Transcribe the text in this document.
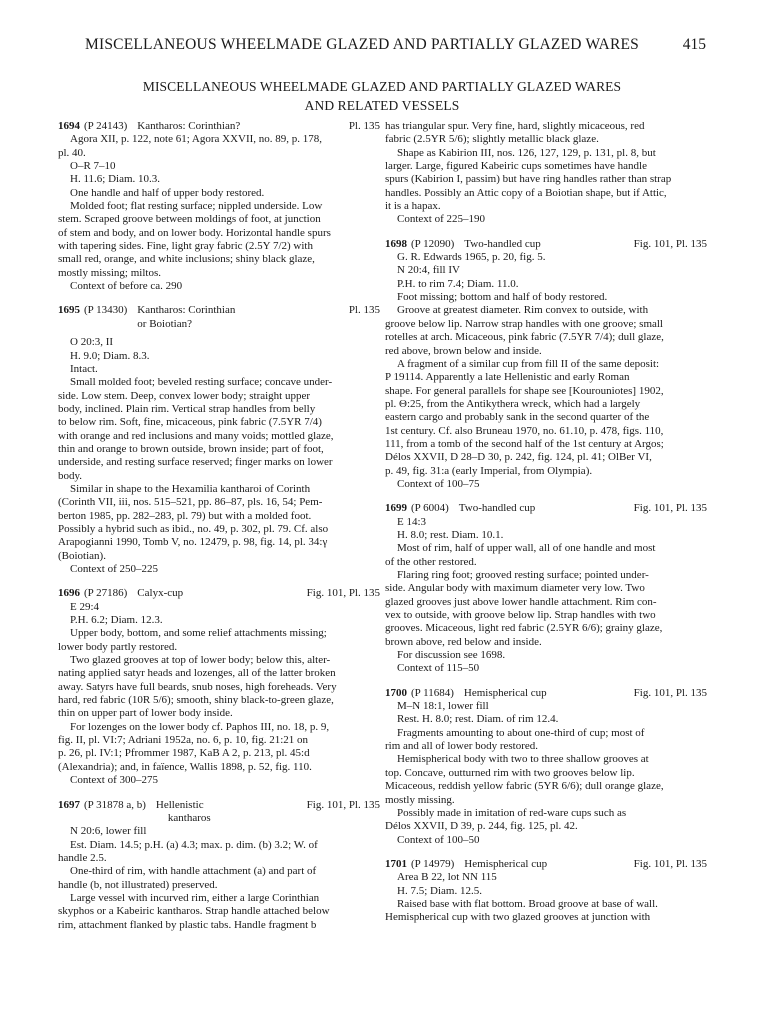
MISCELLANEOUS WHEELMADE GLAZED AND PARTIALLY GLAZED WARES	415
MISCELLANEOUS WHEELMADE GLAZED AND PARTIALLY GLAZED WARES
AND RELATED VESSELS
1694 (P 24143) Kantharos: Corinthian?	Pl. 135

Agora XII, p. 122, note 61; Agora XXVII, no. 89, p. 178,

pl. 40.

O–R 7–10

H. 11.6; Diam. 10.3.

One handle and half of upper body restored.

Molded foot; flat resting surface; nippled underside. Low

stem. Scraped groove between moldings of foot, at junction

of stem and body, and on lower body. Horizontal handle spurs

with tapering sides. Fine, light gray fabric (2.5Y 7/2) with

small red, orange, and white inclusions; shiny black glaze,

mostly missing; miltos.

Context of before ca. 290

1695 (P 13430) Kantharos: Corinthian
or Boiotian?
Pl. 135

O 20:3, II

H. 9.0; Diam. 8.3.

Intact.

Small molded foot; beveled resting surface; concave under-

side. Low stem. Deep, convex lower body; straight upper

body, inclined. Plain rim. Vertical strap handles from belly

to below rim. Soft, fine, micaceous, pink fabric (7.5YR 7/4)

with orange and red inclusions and many voids; mottled glaze,

thin and orange to brown outside, brown inside; part of foot,

underside, and resting surface reserved; finger marks on lower

body.

Similar in shape to the Hexamilia kantharoi of Corinth

(Corinth VII, iii, nos. 515–521, pp. 86–87, pls. 16, 54; Pem-

berton 1985, pp. 282–283, pl. 79) but with a molded foot.

Possibly a hybrid such as ibid., no. 49, p. 302, pl. 79. Cf. also

Arapogianni 1990, Tomb V, no. 12479, p. 98, fig. 14, pl. 34:γ

(Boiotian).

Context of 250–225

1696 (P 27186) Calyx-cup	Fig. 101, Pl. 135

E 29:4

P.H. 6.2; Diam. 12.3.

Upper body, bottom, and some relief attachments missing;

lower body partly restored.

Two glazed grooves at top of lower body; below this, alter-

nating applied satyr heads and lozenges, all of the latter broken

away. Satyrs have full beards, snub noses, high foreheads. Very

hard, red fabric (10R 5/6); smooth, shiny black-to-green glaze,

thin on upper part of lower body inside.

For lozenges on the lower body cf. Paphos III, no. 18, p. 9,

fig. II, pl. VI:7; Adriani 1952a, no. 6, p. 10, fig. 21:21 on

p. 26, pl. IV:1; Pfrommer 1987, KaB A 2, p. 213, pl. 45:d

(Alexandria); and, in faïence, Wallis 1898, p. 52, fig. 110.

Context of 300–275

1697 (P 31878 a, b) Hellenistic
kantharos
Fig. 101, Pl. 135

N 20:6, lower fill

Est. Diam. 14.5; p.H. (a) 4.3; max. p. dim. (b) 3.2; W. of

handle 2.5.

One-third of rim, with handle attachment (a) and part of

handle (b, not illustrated) preserved.

Large vessel with incurved rim, either a large Corinthian

skyphos or a Kabeiric kantharos. Strap handle attached below

rim, attachment flanked by plastic tabs. Handle fragment b

has triangular spur. Very fine, hard, slightly micaceous, red

fabric (2.5YR 5/6); slightly metallic black glaze.

Shape as Kabirion III, nos. 126, 127, 129, p. 131, pl. 8, but

larger. Large, figured Kabeiric cups sometimes have handle

spurs (Kabirion I, passim) but have ring handles rather than strap

handles. Possibly an Attic copy of a Boiotian shape, but if Attic,

it is a hapax.

Context of 225–190

1698 (P 12090) Two-handled cup	Fig. 101, Pl. 135

G. R. Edwards 1965, p. 20, fig. 5.

N 20:4, fill IV

P.H. to rim 7.4; Diam. 11.0.

Foot missing; bottom and half of body restored.

Groove at greatest diameter. Rim convex to outside, with

groove below lip. Narrow strap handles with one groove; small

rotelles at arch. Micaceous, pink fabric (7.5YR 7/4); dull glaze,

red above, brown below and inside.

A fragment of a similar cup from fill II of the same deposit:

P 19114. Apparently a late Hellenistic and early Roman

shape. For general parallels for shape see [Kourouniotes] 1902,

pl. Θ:25, from the Antikythera wreck, which had a largely

eastern cargo and probably sank in the second quarter of the

1st century. Cf. also Bruneau 1970, no. 61.10, p. 478, figs. 110,

111, from a tomb of the second half of the 1st century at Argos;

Délos XXVII, D 28–D 30, p. 242, fig. 124, pl. 41; OlBer VI,

p. 49, fig. 31:a (early Imperial, from Olympia).

Context of 100–75

1699 (P 6004) Two-handled cup	Fig. 101, Pl. 135

E 14:3

H. 8.0; rest. Diam. 10.1.

Most of rim, half of upper wall, all of one handle and most

of the other restored.

Flaring ring foot; grooved resting surface; pointed under-

side. Angular body with maximum diameter very low. Two

glazed grooves just above lower handle attachment. Rim con-

vex to outside, with groove below lip. Strap handles with two

grooves. Micaceous, light red fabric (2.5YR 6/6); grainy glaze,

brown above, red below and inside.

For discussion see 1698.

Context of 115–50

1700 (P 11684) Hemispherical cup	Fig. 101, Pl. 135

M–N 18:1, lower fill

Rest. H. 8.0; rest. Diam. of rim 12.4.

Fragments amounting to about one-third of cup; most of

rim and all of lower body restored.

Hemispherical body with two to three shallow grooves at

top. Concave, outturned rim with two grooves below lip.

Micaceous, reddish yellow fabric (5YR 6/6); dull orange glaze,

mostly missing.

Possibly made in imitation of red-ware cups such as

Délos XXVII, D 39, p. 244, fig. 125, pl. 42.

Context of 100–50

1701 (P 14979) Hemispherical cup	Fig. 101, Pl. 135

Area B 22, lot NN 115

H. 7.5; Diam. 12.5.

Raised base with flat bottom. Broad groove at base of wall.

Hemispherical cup with two glazed grooves at junction with
